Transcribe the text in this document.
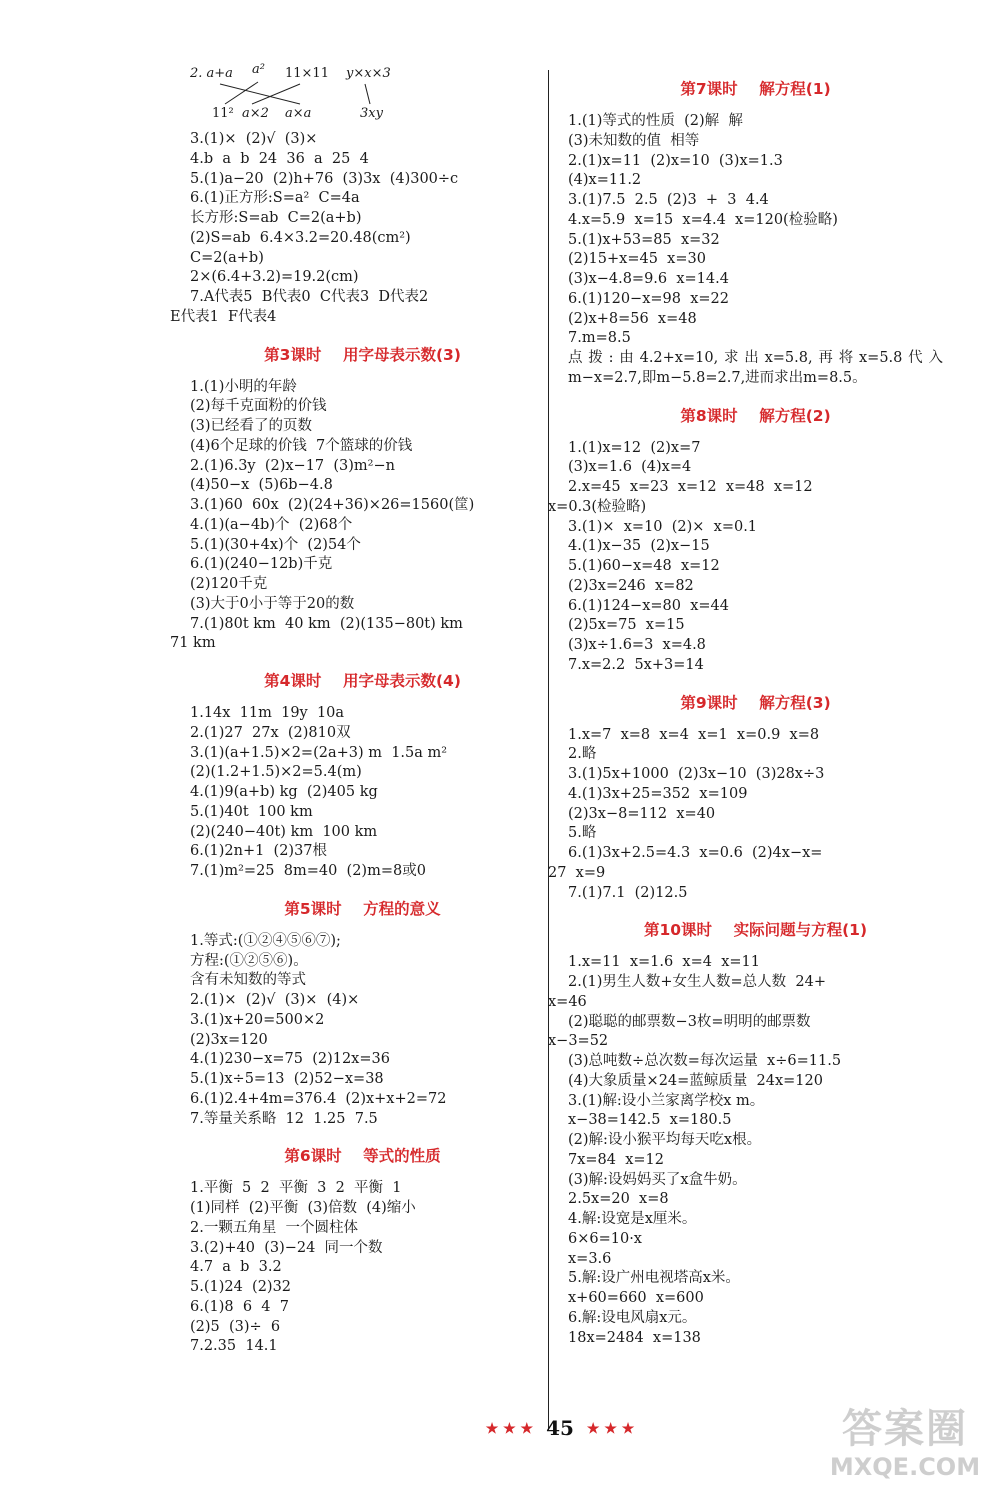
2. a+a a² 11×11 y×x×3
11² a×2 a×a	3xy
3.(1)×  (2)√  (3)×
4.b  a  b  24  36  a  25  4
5.(1)a−20  (2)h+76  (3)3x  (4)300÷c
6.(1)正方形:S=a²  C=4a
长方形:S=ab  C=2(a+b)
(2)S=ab  6.4×3.2=20.48(cm²)
C=2(a+b)
2×(6.4+3.2)=19.2(cm)
7.A代表5  B代表0  C代表3  D代表2
E代表1  F代表4
第3课时    用字母表示数(3)
1.(1)小明的年龄
(2)每千克面粉的价钱
(3)已经看了的页数
(4)6个足球的价钱  7个篮球的价钱
2.(1)6.3y  (2)x−17  (3)m²−n
(4)50−x  (5)6b−4.8
3.(1)60  60x  (2)(24+36)×26=1560(筐)
4.(1)(a−4b)个  (2)68个
5.(1)(30+4x)个  (2)54个
6.(1)(240−12b)千克
(2)120千克
(3)大于0小于等于20的数
7.(1)80t km  40 km  (2)(135−80t) km
71 km
第4课时    用字母表示数(4)
1.14x  11m  19y  10a
2.(1)27  27x  (2)810双
3.(1)(a+1.5)×2=(2a+3) m  1.5a m²
(2)(1.2+1.5)×2=5.4(m)
4.(1)9(a+b) kg  (2)405 kg
5.(1)40t  100 km
(2)(240−40t) km  100 km
6.(1)2n+1  (2)37根
7.(1)m²=25  8m=40  (2)m=8或0
第5课时    方程的意义
1.等式:(①②④⑤⑥⑦);
方程:(①②⑤⑥)。
含有未知数的等式
2.(1)×  (2)√  (3)×  (4)×
3.(1)x+20=500×2
(2)3x=120
4.(1)230−x=75  (2)12x=36
5.(1)x÷5=13  (2)52−x=38
6.(1)2.4+4m=376.4  (2)x+x+2=72
7.等量关系略  12  1.25  7.5
第6课时    等式的性质
1.平衡  5  2  平衡  3  2  平衡  1
(1)同样  (2)平衡  (3)倍数  (4)缩小
2.一颗五角星  一个圆柱体
3.(2)+40  (3)−24  同一个数
4.7  a  b  3.2
5.(1)24  (2)32
6.(1)8  6  4  7
(2)5  (3)÷  6
7.2.35  14.1
第7课时    解方程(1)
1.(1)等式的性质  (2)解  解
(3)未知数的值  相等
2.(1)x=11  (2)x=10  (3)x=1.3
(4)x=11.2
3.(1)7.5  2.5  (2)3  +  3  4.4
4.x=5.9  x=15  x=4.4  x=120(检验略)
5.(1)x+53=85  x=32
(2)15+x=45  x=30
(3)x−4.8=9.6  x=14.4
6.(1)120−x=98  x=22
(2)x+8=56  x=48
7.m=8.5
点拨:由4.2+x=10,求出x=5.8,再将x=5.8代入m−x=2.7,即m−5.8=2.7,进而求出m=8.5。
第8课时    解方程(2)
1.(1)x=12  (2)x=7
(3)x=1.6  (4)x=4
2.x=45  x=23  x=12  x=48  x=12
x=0.3(检验略)
3.(1)×  x=10  (2)×  x=0.1
4.(1)x−35  (2)x−15
5.(1)60−x=48  x=12
(2)3x=246  x=82
6.(1)124−x=80  x=44
(2)5x=75  x=15
(3)x÷1.6=3  x=4.8
7.x=2.2  5x+3=14
第9课时    解方程(3)
1.x=7  x=8  x=4  x=1  x=0.9  x=8
2.略
3.(1)5x+1000  (2)3x−10  (3)28x÷3
4.(1)3x+25=352  x=109
(2)3x−8=112  x=40
5.略
6.(1)3x+2.5=4.3  x=0.6  (2)4x−x=
27  x=9
7.(1)7.1  (2)12.5
第10课时    实际问题与方程(1)
1.x=11  x=1.6  x=4  x=11
2.(1)男生人数+女生人数=总人数  24+
x=46
(2)聪聪的邮票数−3枚=明明的邮票数
x−3=52
(3)总吨数÷总次数=每次运量  x÷6=11.5
(4)大象质量×24=蓝鲸质量  24x=120
3.(1)解:设小兰家离学校x m。
x−38=142.5  x=180.5
(2)解:设小猴平均每天吃x根。
7x=84  x=12
(3)解:设妈妈买了x盒牛奶。
2.5x=20  x=8
4.解:设宽是x厘米。
6×6=10·x
x=3.6
5.解:设广州电视塔高x米。
x+60=660  x=600
6.解:设电风扇x元。
18x=2484  x=138
★ ★ ★ 45 ★ ★ ★	答案圈
MXQE.COM
